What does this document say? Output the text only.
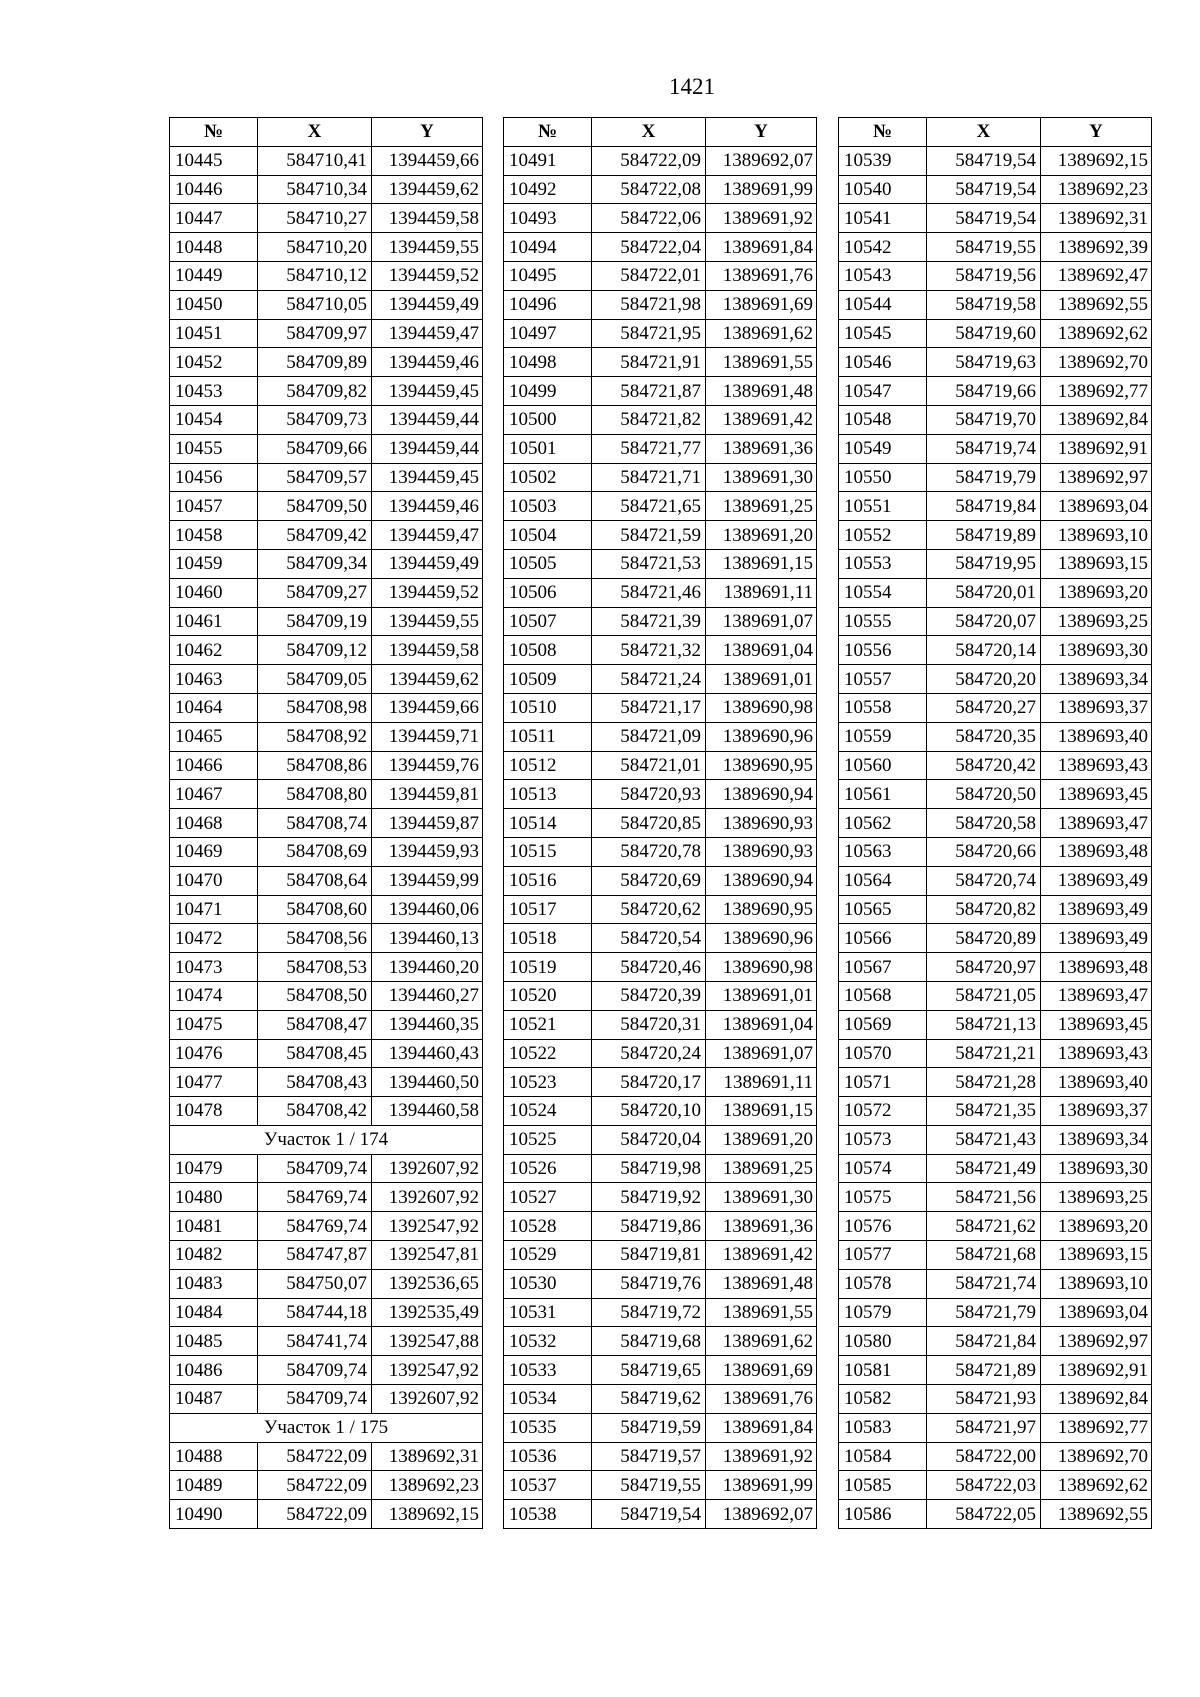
1421
№	X	Y
10445	584710,41	1394459,66
10446	584710,34	1394459,62
10447	584710,27	1394459,58
10448	584710,20	1394459,55
10449	584710,12	1394459,52
10450	584710,05	1394459,49
10451	584709,97	1394459,47
10452	584709,89	1394459,46
10453	584709,82	1394459,45
10454	584709,73	1394459,44
10455	584709,66	1394459,44
10456	584709,57	1394459,45
10457	584709,50	1394459,46
10458	584709,42	1394459,47
10459	584709,34	1394459,49
10460	584709,27	1394459,52
10461	584709,19	1394459,55
10462	584709,12	1394459,58
10463	584709,05	1394459,62
10464	584708,98	1394459,66
10465	584708,92	1394459,71
10466	584708,86	1394459,76
10467	584708,80	1394459,81
10468	584708,74	1394459,87
10469	584708,69	1394459,93
10470	584708,64	1394459,99
10471	584708,60	1394460,06
10472	584708,56	1394460,13
10473	584708,53	1394460,20
10474	584708,50	1394460,27
10475	584708,47	1394460,35
10476	584708,45	1394460,43
10477	584708,43	1394460,50
10478	584708,42	1394460,58
Участок 1 / 174		
10479	584709,74	1392607,92
10480	584769,74	1392607,92
10481	584769,74	1392547,92
10482	584747,87	1392547,81
10483	584750,07	1392536,65
10484	584744,18	1392535,49
10485	584741,74	1392547,88
10486	584709,74	1392547,92
10487	584709,74	1392607,92
Участок 1 / 175		
10488	584722,09	1389692,31
10489	584722,09	1389692,23
10490	584722,09	1389692,15
№	X	Y
10491	584722,09	1389692,07
10492	584722,08	1389691,99
10493	584722,06	1389691,92
10494	584722,04	1389691,84
10495	584722,01	1389691,76
10496	584721,98	1389691,69
10497	584721,95	1389691,62
10498	584721,91	1389691,55
10499	584721,87	1389691,48
10500	584721,82	1389691,42
10501	584721,77	1389691,36
10502	584721,71	1389691,30
10503	584721,65	1389691,25
10504	584721,59	1389691,20
10505	584721,53	1389691,15
10506	584721,46	1389691,11
10507	584721,39	1389691,07
10508	584721,32	1389691,04
10509	584721,24	1389691,01
10510	584721,17	1389690,98
10511	584721,09	1389690,96
10512	584721,01	1389690,95
10513	584720,93	1389690,94
10514	584720,85	1389690,93
10515	584720,78	1389690,93
10516	584720,69	1389690,94
10517	584720,62	1389690,95
10518	584720,54	1389690,96
10519	584720,46	1389690,98
10520	584720,39	1389691,01
10521	584720,31	1389691,04
10522	584720,24	1389691,07
10523	584720,17	1389691,11
10524	584720,10	1389691,15
10525	584720,04	1389691,20
10526	584719,98	1389691,25
10527	584719,92	1389691,30
10528	584719,86	1389691,36
10529	584719,81	1389691,42
10530	584719,76	1389691,48
10531	584719,72	1389691,55
10532	584719,68	1389691,62
10533	584719,65	1389691,69
10534	584719,62	1389691,76
10535	584719,59	1389691,84
10536	584719,57	1389691,92
10537	584719,55	1389691,99
10538	584719,54	1389692,07
№	X	Y
10539	584719,54	1389692,15
10540	584719,54	1389692,23
10541	584719,54	1389692,31
10542	584719,55	1389692,39
10543	584719,56	1389692,47
10544	584719,58	1389692,55
10545	584719,60	1389692,62
10546	584719,63	1389692,70
10547	584719,66	1389692,77
10548	584719,70	1389692,84
10549	584719,74	1389692,91
10550	584719,79	1389692,97
10551	584719,84	1389693,04
10552	584719,89	1389693,10
10553	584719,95	1389693,15
10554	584720,01	1389693,20
10555	584720,07	1389693,25
10556	584720,14	1389693,30
10557	584720,20	1389693,34
10558	584720,27	1389693,37
10559	584720,35	1389693,40
10560	584720,42	1389693,43
10561	584720,50	1389693,45
10562	584720,58	1389693,47
10563	584720,66	1389693,48
10564	584720,74	1389693,49
10565	584720,82	1389693,49
10566	584720,89	1389693,49
10567	584720,97	1389693,48
10568	584721,05	1389693,47
10569	584721,13	1389693,45
10570	584721,21	1389693,43
10571	584721,28	1389693,40
10572	584721,35	1389693,37
10573	584721,43	1389693,34
10574	584721,49	1389693,30
10575	584721,56	1389693,25
10576	584721,62	1389693,20
10577	584721,68	1389693,15
10578	584721,74	1389693,10
10579	584721,79	1389693,04
10580	584721,84	1389692,97
10581	584721,89	1389692,91
10582	584721,93	1389692,84
10583	584721,97	1389692,77
10584	584722,00	1389692,70
10585	584722,03	1389692,62
10586	584722,05	1389692,55
